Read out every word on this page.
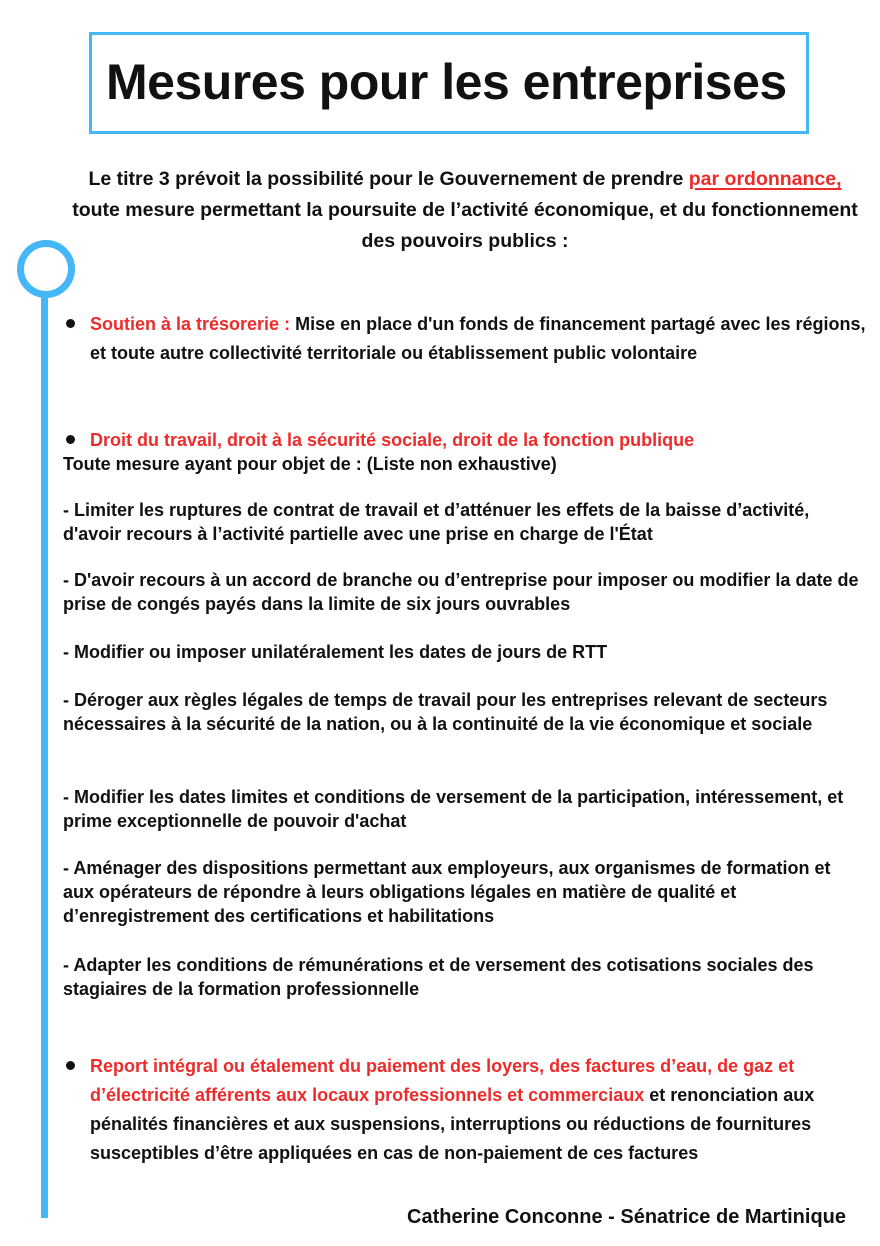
Mesures pour les entreprises

Le titre 3 prévoit la possibilité pour le Gouvernement de prendre par ordonnance, toute mesure permettant la poursuite de l’activité économique, et du fonctionnement des pouvoirs publics :

Soutien à la trésorerie : Mise en place d'un fonds de financement partagé avec les régions, et toute autre collectivité territoriale ou établissement public volontaire

Droit du travail, droit à la sécurité sociale, droit de la fonction publique

Toute mesure ayant pour objet de : (Liste non exhaustive)

- Limiter les ruptures de contrat de travail et d’atténuer les effets de la baisse d’activité, d'avoir recours à l’activité partielle avec une prise en charge de l'État

- D'avoir recours à un accord de branche ou d’entreprise pour imposer ou modifier la date de prise de congés payés dans la limite de six jours ouvrables

- Modifier ou imposer unilatéralement les dates de jours de RTT

- Déroger aux règles légales de temps de travail pour les entreprises relevant de secteurs nécessaires à la sécurité de la nation, ou à la continuité de la vie économique et sociale

- Modifier les dates limites et conditions de versement de la participation, intéressement, et prime exceptionnelle de pouvoir d'achat

- Aménager des dispositions permettant aux employeurs, aux organismes de formation et aux opérateurs de répondre à leurs obligations légales en matière de qualité et d’enregistrement des certifications et habilitations

- Adapter les conditions de rémunérations et de versement des cotisations sociales des stagiaires de la formation professionnelle

Report intégral ou étalement du paiement des loyers, des factures d’eau, de gaz et d’électricité afférents aux locaux professionnels et commerciaux et renonciation aux pénalités financières et aux suspensions, interruptions ou réductions de fournitures susceptibles d’être appliquées en cas de non-paiement de ces factures

Catherine Conconne - Sénatrice de Martinique
